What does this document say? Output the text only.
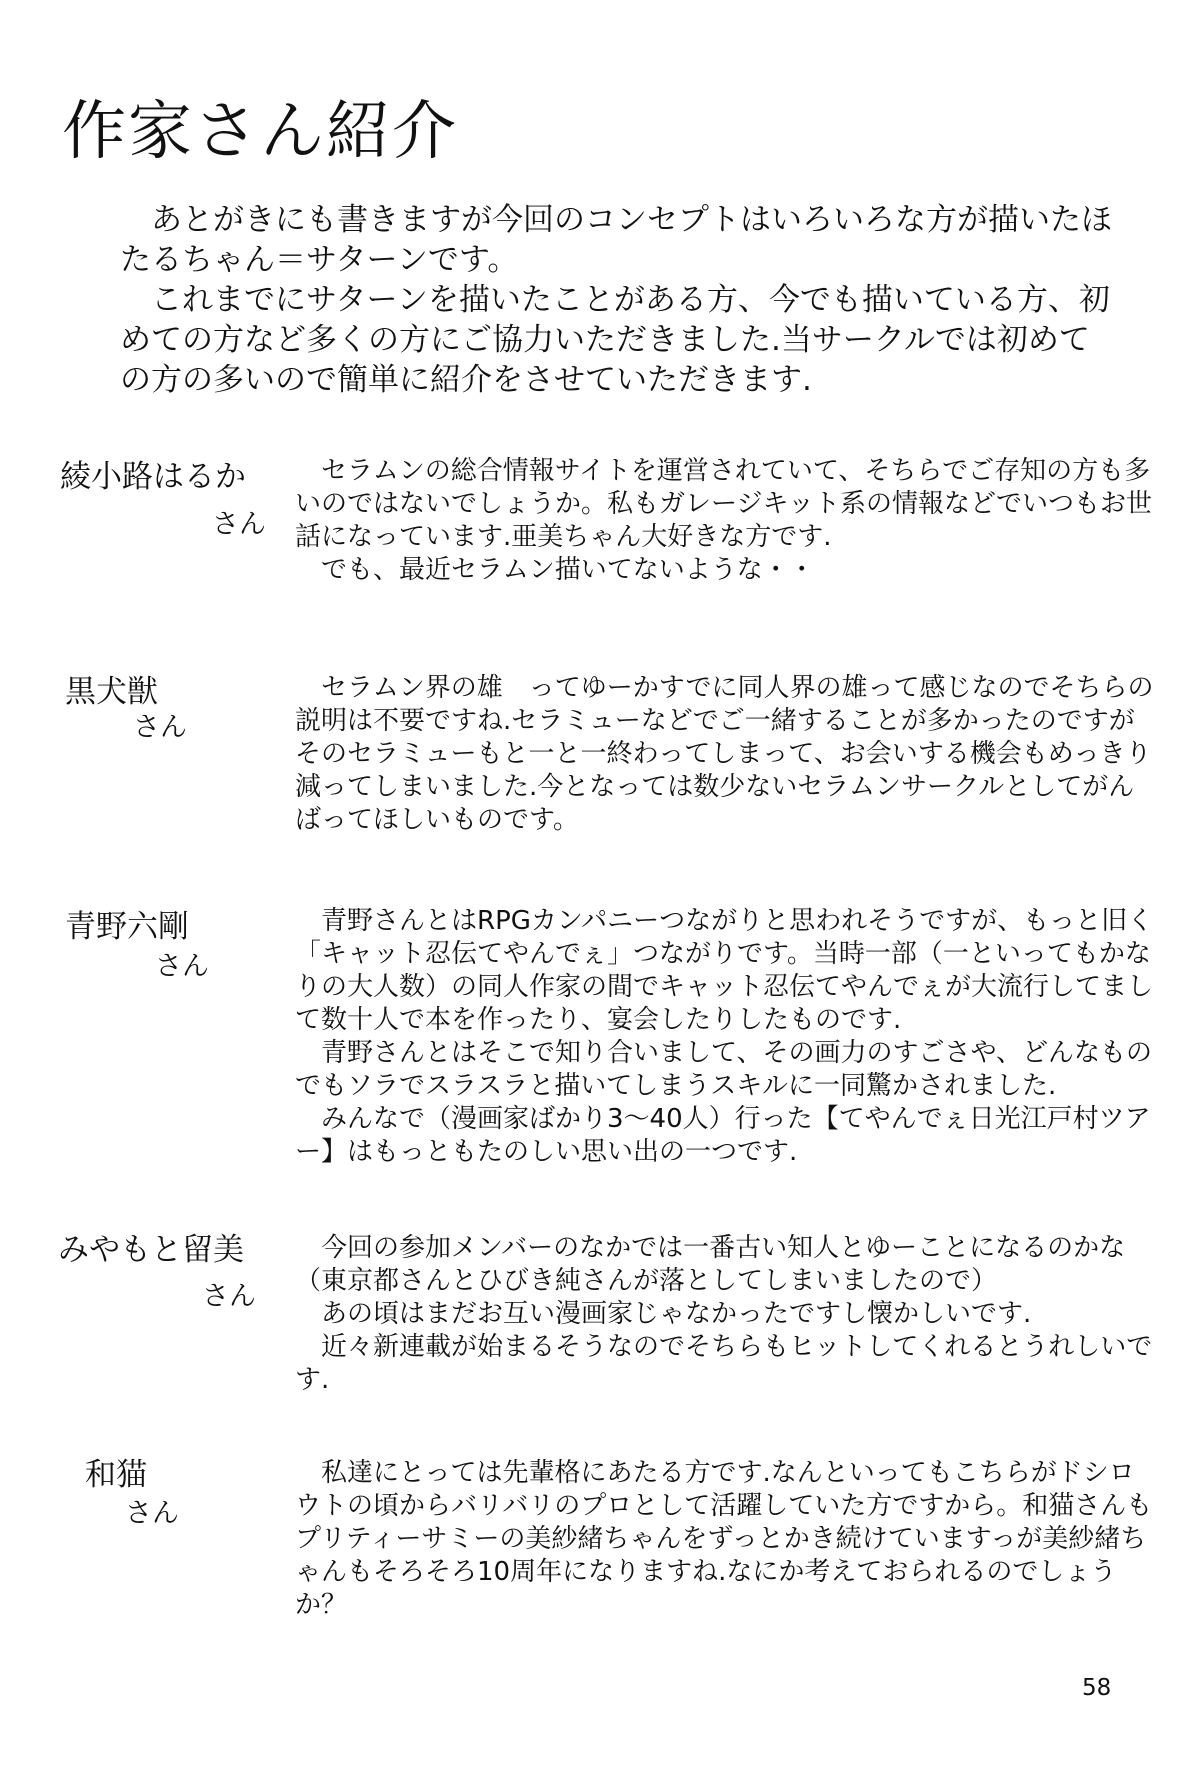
作家さん紹介

あとがきにも書きますが今回のコンセプトはいろいろな方が描いたほたるちゃん＝サターンです。

これまでにサターンを描いたことがある方、今でも描いている方、初めての方など多くの方にご協力いただきました.当サークルでは初めての方の多いので簡単に紹介をさせていただきます.

綾小路はるか
さん

セラムンの総合情報サイトを運営されていて、そちらでご存知の方も多いのではないでしょうか。私もガレージキット系の情報などでいつもお世話になっています.亜美ちゃん大好きな方です.

でも、最近セラムン描いてないような・・

黒犬獣
さん

セラムン界の雄　ってゆーかすでに同人界の雄って感じなのでそちらの説明は不要ですね.セラミューなどでご一緒することが多かったのですがそのセラミューもと一と一終わってしまって、お会いする機会もめっきり減ってしまいました.今となっては数少ないセラムンサークルとしてがんばってほしいものです。

青野六剛
さん

青野さんとはRPGカンパニーつながりと思われそうですが、もっと旧く「キャット忍伝てやんでぇ」つながりです。当時一部（一といってもかなりの大人数）の同人作家の間でキャット忍伝てやんでぇが大流行してまして数十人で本を作ったり、宴会したりしたものです.

青野さんとはそこで知り合いまして、その画力のすごさや、どんなものでもソラでスラスラと描いてしまうスキルに一同驚かされました.

みんなで（漫画家ばかり3～40人）行った【てやんでぇ日光江戸村ツアー】はもっともたのしい思い出の一つです.

みやもと留美
さん

今回の参加メンバーのなかでは一番古い知人とゆーことになるのかな（東京都さんとひびき純さんが落としてしまいましたので）

あの頃はまだお互い漫画家じゃなかったですし懐かしいです.

近々新連載が始まるそうなのでそちらもヒットしてくれるとうれしいです.

和猫
さん

私達にとっては先輩格にあたる方です.なんといってもこちらがドシロウトの頃からバリバリのプロとして活躍していた方ですから。和猫さんもプリティーサミーの美紗緒ちゃんをずっとかき続けていますっが美紗緒ちゃんもそろそろ10周年になりますね.なにか考えておられるのでしょうか？

58
